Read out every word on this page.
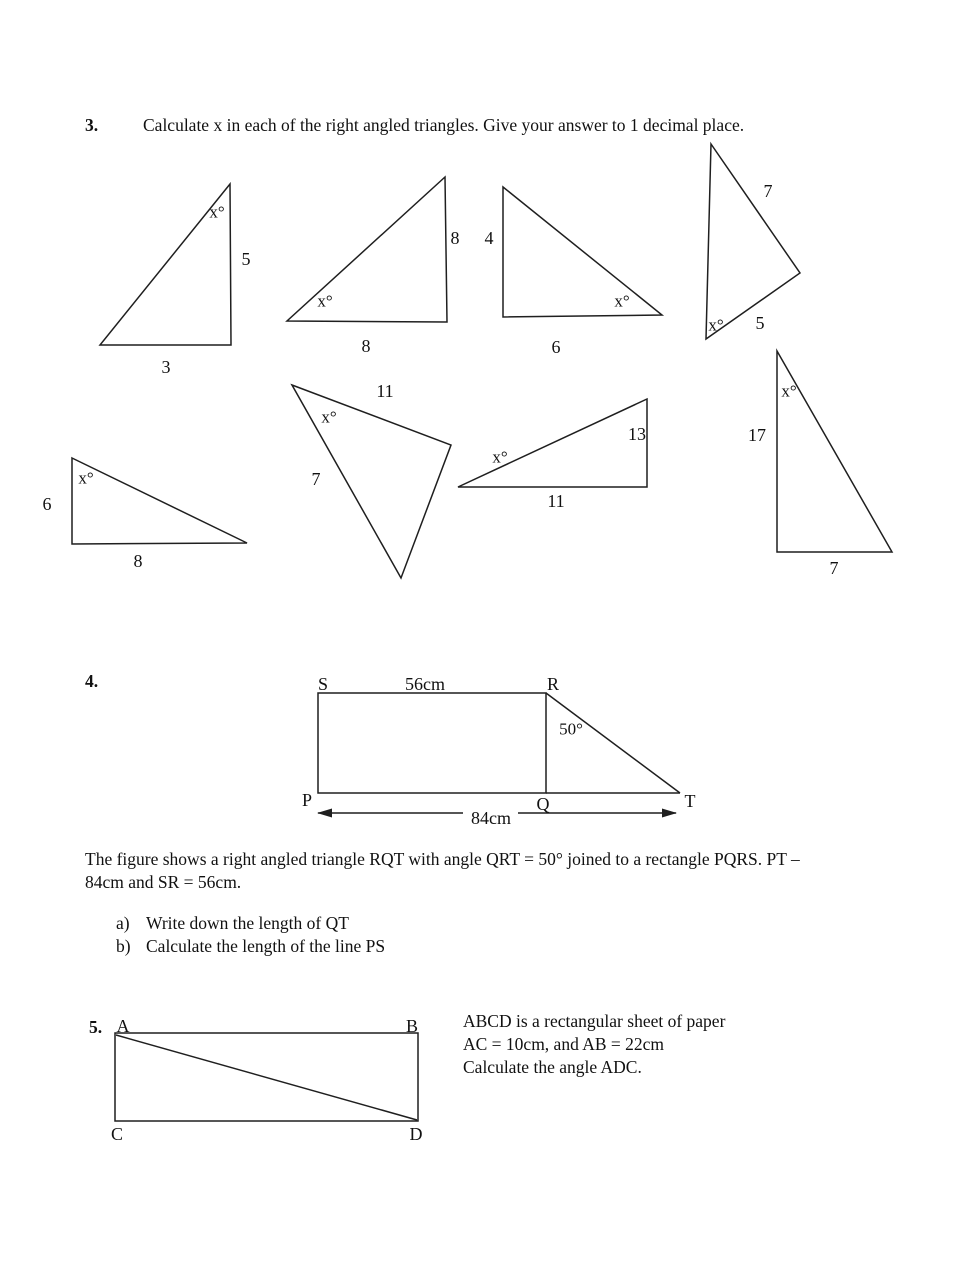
3.	Calculate x in each of the right angled triangles. Give your answer to 1 decimal place.
x°
5
3
8
x°
8
4
x°
6
7
x° 5
x°
6
8
x°
11
7
x°
13
11
x°
17
7
4.	S	56cm	R
50°
P	Q	T
84cm
The figure shows a right angled triangle RQT with angle QRT = 50° joined to a rectangle PQRS. PT –
84cm and SR = 56cm.
a) Write down the length of QT
b) Calculate the length of the line PS
5. A	B
C	D
ABCD is a rectangular sheet of paper
AC = 10cm, and AB = 22cm
Calculate the angle ADC.
